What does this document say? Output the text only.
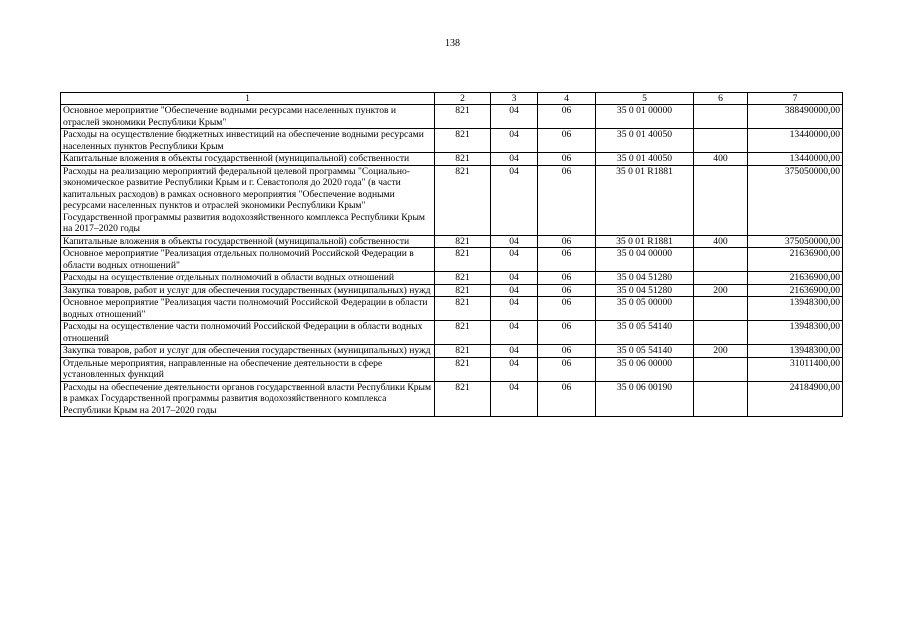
138
1	2	3	4	5	6	7
Основное мероприятие "Обеспечение водными ресурсами населенных пунктов и отраслей экономики Республики Крым"	821	04	06	35 0 01 00000		388490000,00
Расходы на осуществление бюджетных инвестиций на обеспечение водными ресурсами населенных пунктов Республики Крым	821	04	06	35 0 01 40050		13440000,00
Капитальные вложения в объекты государственной (муниципальной) собственности	821	04	06	35 0 01 40050	400	13440000,00
Расходы на реализацию мероприятий федеральной целевой программы "Социально-экономическое развитие Республики Крым и г. Севастополя до 2020 года" (в части капитальных расходов) в рамках основного мероприятия "Обеспечение водными ресурсами населенных пунктов и отраслей экономики Республики Крым" Государственной программы развития водохозяйственного комплекса Республики Крым на 2017–2020 годы	821	04	06	35 0 01 R1881		375050000,00
Капитальные вложения в объекты государственной (муниципальной) собственности	821	04	06	35 0 01 R1881	400	375050000,00
Основное мероприятие "Реализация отдельных полномочий Российской Федерации в области водных отношений"	821	04	06	35 0 04 00000		21636900,00
Расходы на осуществление отдельных полномочий в области водных отношений	821	04	06	35 0 04 51280		21636900,00
Закупка товаров, работ и услуг для обеспечения государственных (муниципальных) нужд	821	04	06	35 0 04 51280	200	21636900,00
Основное мероприятие "Реализация части полномочий Российской Федерации в области водных отношений"	821	04	06	35 0 05 00000		13948300,00
Расходы на осуществление части полномочий Российской Федерации в области водных отношений	821	04	06	35 0 05 54140		13948300,00
Закупка товаров, работ и услуг для обеспечения государственных (муниципальных) нужд	821	04	06	35 0 05 54140	200	13948300,00
Отдельные мероприятия, направленные на обеспечение деятельности в сфере установленных функций	821	04	06	35 0 06 00000		31011400,00
Расходы на обеспечение деятельности органов государственной власти Республики Крым в рамках Государственной программы развития водохозяйственного комплекса Республики Крым на 2017–2020 годы	821	04	06	35 0 06 00190		24184900,00
